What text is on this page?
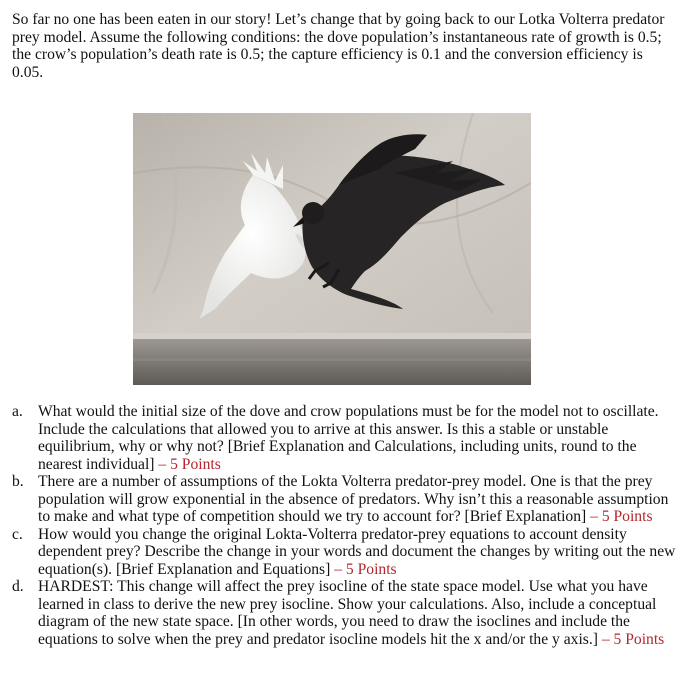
So far no one has been eaten in our story! Let’s change that by going back to our Lotka Volterra predator prey model. Assume the following conditions: the dove population’s instantaneous rate of growth is 0.5; the crow’s population’s death rate is 0.5; the capture efficiency is 0.1 and the conversion efficiency is 0.05.

a. What would the initial size of the dove and crow populations must be for the model not to oscillate. Include the calculations that allowed you to arrive at this answer. Is this a stable or unstable equilibrium, why or why not? [Brief Explanation and Calculations, including units, round to the nearest individual] – 5 Points
b. There are a number of assumptions of the Lokta Volterra predator-prey model. One is that the prey population will grow exponential in the absence of predators. Why isn’t this a reasonable assumption to make and what type of competition should we try to account for? [Brief Explanation] – 5 Points
c. How would you change the original Lokta-Volterra predator-prey equations to account density dependent prey? Describe the change in your words and document the changes by writing out the new equation(s). [Brief Explanation and Equations] – 5 Points
d. HARDEST: This change will affect the prey isocline of the state space model. Use what you have learned in class to derive the new prey isocline. Show your calculations. Also, include a conceptual diagram of the new state space. [In other words, you need to draw the isoclines and include the equations to solve when the prey and predator isocline models hit the x and/or the y axis.] – 5 Points
